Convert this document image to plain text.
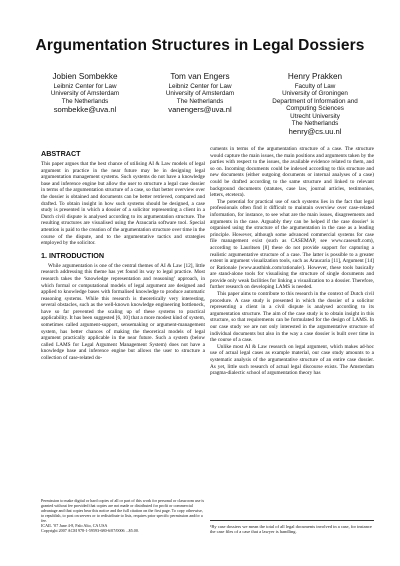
Argumentation Structures in Legal Dossiers
Jobien Sombekke
Leibniz Center for Law
University of Amsterdam
The Netherlands
sombekke@uva.nl
Tom van Engers
Leibniz Center for Law
University of Amsterdam
The Netherlands
vanengers@uva.nl
Henry Prakken
Faculty of Law
University of Groningen
Department of Information and
Computing Sciences
Utrecht University
The Netherlands
henry@cs.uu.nl
ABSTRACT

This paper argues that the best chance of utilising AI & Law models of legal argument in practice in the near future may be in designing legal argumentation management systems. Such systems do not have a knowledge base and inference engine but allow the user to structure a legal case dossier in terms of the argumentation structure of a case, so that better overview over the dossier is obtained and documents can be better retrieved, compared and drafted. To obtain insight in how such systems should be designed, a case study is presented in which a dossier of a solicitor representing a client in a Dutch civil dispute is analysed according to its argumentation structure. The resulting structures are visualised using the Araucaria software tool. Special attention is paid to the creation of the argumentation structure over time in the course of the dispute, and to the argumentative tactics and strategies employed by the solicitor.

1. INTRODUCTION

While argumentation is one of the central themes of AI & Law [12], little research addressing this theme has yet found its way to legal practice. Most research takes the ‘knowledge representation and reasoning’ approach, in which formal or computational models of legal argument are designed and applied to knowledge bases with formalised knowledge to produce automatic reasoning systems. While this research is theoretically very interesting, several obstacles, such as the well-known knowledge engineering bottleneck, have so far prevented the scaling up of these systems to practical applicability. It has been suggested [6, 10] that a more modest kind of system, sometimes called argument-support, sensemaking or argument-management system, has better chances of making the theoretical models of legal argument practically applicable in the near future. Such a system (below called LAMS for Legal Argument Management System) does not have a knowledge base and inference engine but allows the user to structure a collection of case-related do-

Permission to make digital or hard copies of all or part of this work for personal or classroom use is granted without fee provided that copies are not made or distributed for profit or commercial advantage and that copies bear this notice and the full citation on the first page. To copy otherwise, to republish, to post on servers or to redistribute to lists, requires prior specific permission and/or a fee.
ICAIL ’07 June 4-8, Palo Alto, CA USA
Copyright 2007 ACM 978-1-59593-680-6/07/0006 ...$5.00.

cuments in terms of the argumentation structure of a case. The structure would capture the main issues, the main positions and arguments taken by the parties with respect to the issues, the available evidence related to them, and so on. Incoming documents could be indexed according to this structure and new documents (either outgoing documents or internal analyses of a case) could be drafted according to the same structure and linked to relevant background documents (statutes, case law, journal articles, testimonies, letters, etcetera).

The potential for practical use of such systems lies in the fact that legal professionals often find it difficult to maintain overview over case-related information, for instance, to see what are the main issues, disagreements and arguments in the case. Arguably they can be helped if the case dossier¹ is organised using the structure of the argumentation in the case as a leading principle. However, although some advanced commercial systems for case file management exist (such as CASEMAP, see www.casesoft.com), according to Lauritsen [8] these do not provide support for capturing a realistic argumentative structure of a case. The latter is possible to a greater extent in argument visualization tools, such as Araucaria [11], Argument [14] or Rationale (www.austhink.com/rationale/). However, these tools basically are stand-alone tools for visualising the structure of single documents and provide only weak facilities for linking a visualization to a dossier. Therefore, further research on developing LAMS is needed.

This paper aims to contribute to this research in the context of Dutch civil procedure. A case study is presented in which the dossier of a solicitor representing a client in a civil dispute is analysed according to its argumentation structure. The aim of the case study is to obtain insight in this structure, so that requirements can be formulated for the design of LAMS. In our case study we are not only interested in the argumentative structure of individual documents but also in the way a case dossier is built over time in the course of a case.

Unlike most AI & Law research on legal argument, which makes ad-hoc use of actual legal cases as example material, our case study amounts to a systematic analysis of the argumentative structure of an entire case dossier. As yet, little such research of actual legal discourse exists. The Amsterdam pragma-dialectic school of argumentation theory has

¹By case dossiers we mean the total of all legal documents involved in a case, for instance the case files of a case that a lawyer is handling.
